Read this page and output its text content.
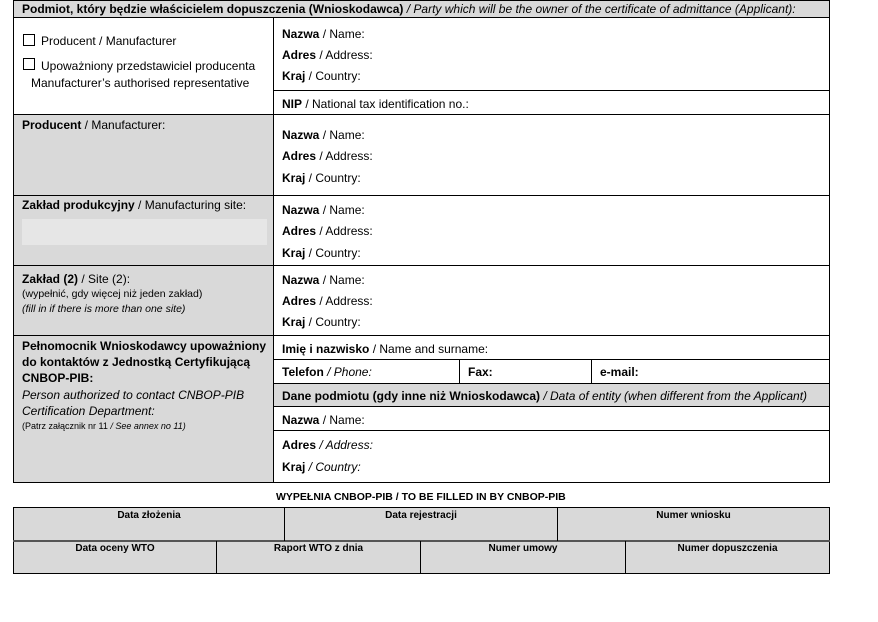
Podmiot, który będzie właścicielem dopuszczenia (Wnioskodawca) / Party which will be the owner of the certificate of admittance (Applicant):
Producent / Manufacturer
Upoważniony przedstawiciel producenta
Manufacturer’s authorised representative
Nazwa / Name:
Adres / Address:
Kraj / Country:
NIP / National tax identification no.:
Producent / Manufacturer:
Nazwa / Name:
Adres / Address:
Kraj / Country:
Zakład produkcyjny / Manufacturing site:	Nazwa / Name:
Adres / Address:
Kraj / Country:
Zakład (2) / Site (2):
(wypełnić, gdy więcej niż jeden zakład)
(fill in if there is more than one site)
Nazwa / Name:
Adres / Address:
Kraj / Country:
Pełnomocnik Wnioskodawcy upoważniony
do kontaktów z Jednostką Certyfikującą
CNBOP-PIB:
Person authorized to contact CNBOP-PIB
Certification Department:
(Patrz załącznik nr 11 / See annex no 11)
Imię i nazwisko / Name and surname:
Telefon / Phone:	Fax:	e-mail:
Dane podmiotu (gdy inne niż Wnioskodawca) / Data of entity (when different from the Applicant)
Nazwa / Name:
Adres / Address:
Kraj / Country:
WYPEŁNIA CNBOP-PIB / TO BE FILLED IN BY CNBOP-PIB
Data złożenia	Data rejestracji	Numer wniosku
Data oceny WTO	Raport WTO z dnia	Numer umowy	Numer dopuszczenia
